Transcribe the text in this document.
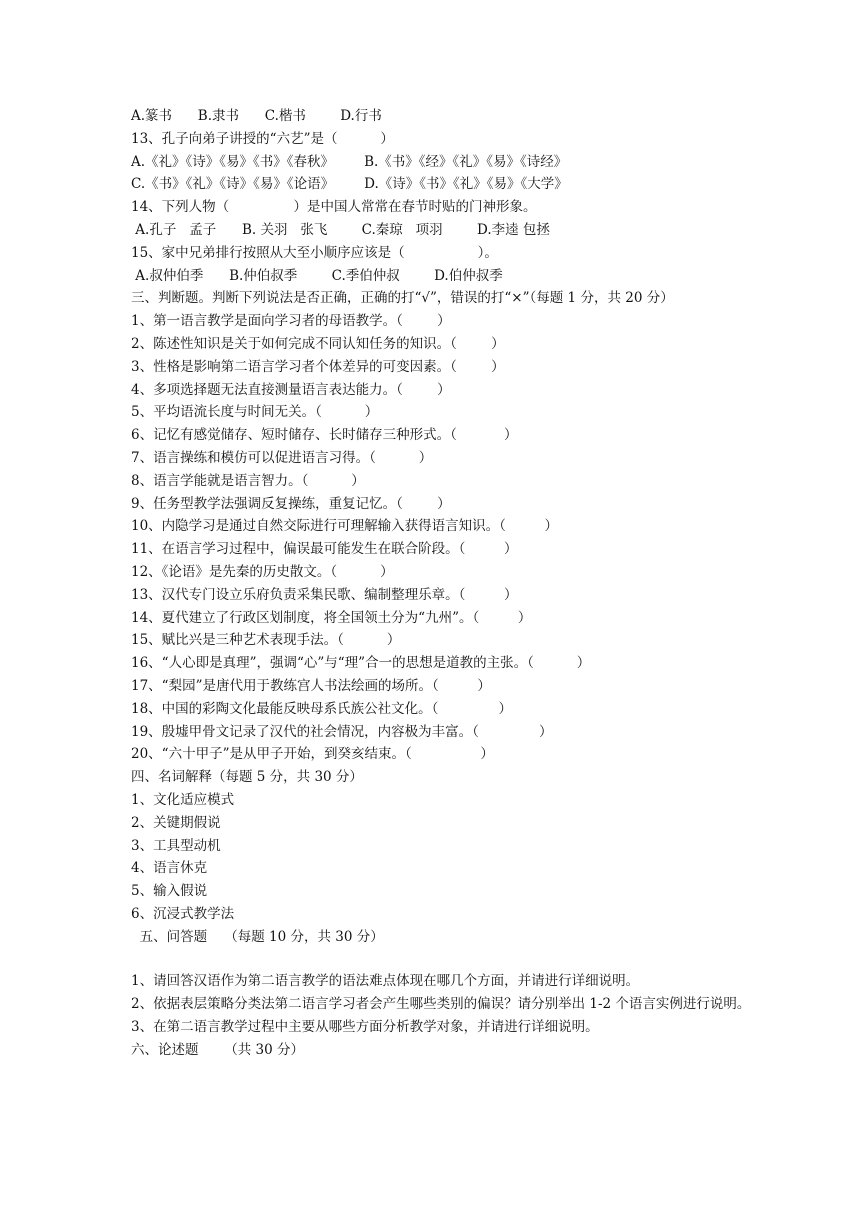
A.篆书      B.隶书      C.楷书        D.行书

13、孔子向弟子讲授的“六艺”是（          ）

A.《礼》《诗》《易》《书》《春秋》       B.《书》《经》《礼》《易》《诗经》

C.《书》《礼》《诗》《易》《论语》       D.《诗》《书》《礼》《易》《大学》

14、下列人物（               ）是中国人常常在春节时贴的门神形象。

A.孔子   孟子      B. 关羽   张飞        C.秦琼   项羽        D.李逵 包拯

15、家中兄弟排行按照从大至小顺序应该是（                 ）。

A.叔仲伯季      B.仲伯叔季        C.季伯仲叔        D.伯仲叔季

三、判断题。判断下列说法是否正确，正确的打“√”，错误的打“×”（每题 1 分，共 20 分）

1、第一语言教学是面向学习者的母语教学。（        ）

2、陈述性知识是关于如何完成不同认知任务的知识。（        ）

3、性格是影响第二语言学习者个体差异的可变因素。（        ）

4、多项选择题无法直接测量语言表达能力。（        ）

5、平均语流长度与时间无关。（          ）

6、记忆有感觉储存、短时储存、长时储存三种形式。（           ）

7、语言操练和模仿可以促进语言习得。（          ）

8、语言学能就是语言智力。（          ）

9、任务型教学法强调反复操练，重复记忆。（        ）

10、内隐学习是通过自然交际进行可理解输入获得语言知识。（         ）

11、在语言学习过程中，偏误最可能发生在联合阶段。（         ）

12、《论语》是先秦的历史散文。（          ）

13、汉代专门设立乐府负责采集民歌、编制整理乐章。（         ）

14、夏代建立了行政区划制度，将全国领土分为“九州”。（         ）

15、赋比兴是三种艺术表现手法。（          ）

16、“人心即是真理”，强调“心”与“理”合一的思想是道教的主张。（          ）

17、“梨园”是唐代用于教练宫人书法绘画的场所。（         ）

18、中国的彩陶文化最能反映母系氏族公社文化。（              ）

19、殷墟甲骨文记录了汉代的社会情况，内容极为丰富。（              ）

20、“六十甲子”是从甲子开始，到癸亥结束。（                ）

四、名词解释（每题 5 分，共 30 分）

1、文化适应模式

2、关键期假说

3、工具型动机

4、语言休克

5、输入假说

6、沉浸式教学法

五、问答题    （每题 10 分，共 30 分）

1、请回答汉语作为第二语言教学的语法难点体现在哪几个方面，并请进行详细说明。

2、依据表层策略分类法第二语言学习者会产生哪些类别的偏误？请分别举出 1-2 个语言实例进行说明。

3、在第二语言教学过程中主要从哪些方面分析教学对象，并请进行详细说明。

六、论述题      （共 30 分）
